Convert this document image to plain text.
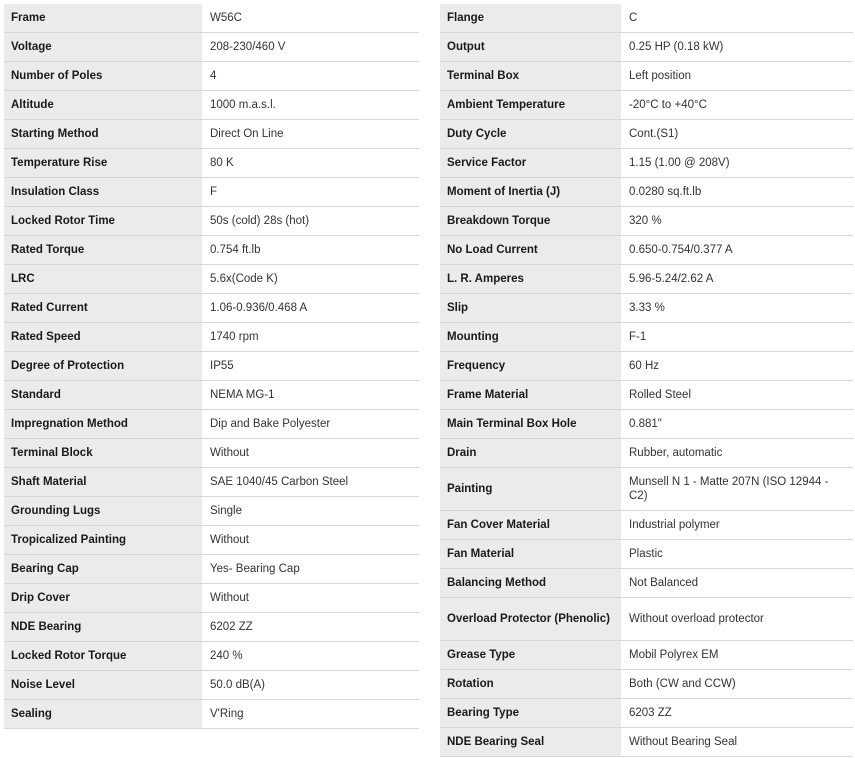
Frame	W56C
Voltage	208-230/460 V
Number of Poles	4
Altitude	1000 m.a.s.l.
Starting Method	Direct On Line
Temperature Rise	80 K
Insulation Class	F
Locked Rotor Time	50s (cold) 28s (hot)
Rated Torque	0.754 ft.lb
LRC	5.6x(Code K)
Rated Current	1.06-0.936/0.468 A
Rated Speed	1740 rpm
Degree of Protection	IP55
Standard	NEMA MG-1
Impregnation Method	Dip and Bake Polyester
Terminal Block	Without
Shaft Material	SAE 1040/45 Carbon Steel
Grounding Lugs	Single
Tropicalized Painting	Without
Bearing Cap	Yes- Bearing Cap
Drip Cover	Without
NDE Bearing	6202 ZZ
Locked Rotor Torque	240 %
Noise Level	50.0 dB(A)
Sealing	V'Ring
Flange	C
Output	0.25 HP (0.18 kW)
Terminal Box	Left position
Ambient Temperature	-20°C to +40°C
Duty Cycle	Cont.(S1)
Service Factor	1.15 (1.00 @ 208V)
Moment of Inertia (J)	0.0280 sq.ft.lb
Breakdown Torque	320 %
No Load Current	0.650-0.754/0.377 A
L. R. Amperes	5.96-5.24/2.62 A
Slip	3.33 %
Mounting	F-1
Frequency	60 Hz
Frame Material	Rolled Steel
Main Terminal Box Hole	0.881"
Drain	Rubber, automatic
Painting	Munsell N 1 - Matte 207N (ISO 12944 - C2)
Fan Cover Material	Industrial polymer
Fan Material	Plastic
Balancing Method	Not Balanced
Overload Protector (Phenolic)	Without overload protector
Grease Type	Mobil Polyrex EM
Rotation	Both (CW and CCW)
Bearing Type	6203 ZZ
NDE Bearing Seal	Without Bearing Seal
